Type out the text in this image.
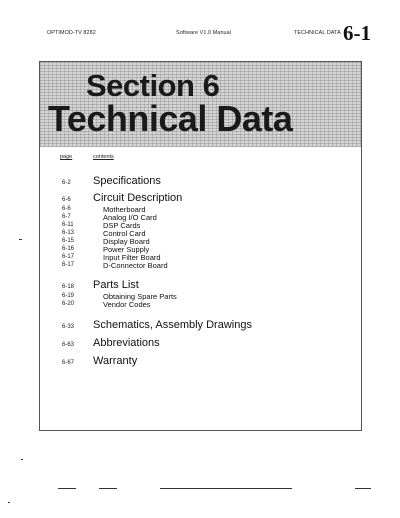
OPTIMOD-TV 8282	Software V1.0 Manual	TECHNICAL DATA 6-1
Section 6
Technical Data
page	contents
6-2 Specifications
6-6 Circuit Description
6-6	Motherboard
6-7	Analog I/O Card
6-11	DSP Cards
6-13	Control Card
6-15	Display Board
6-16	Power Supply
6-17	Input Filter Board
6-17	D-Connector Board
6-18 Parts List
6-19	Obtaining Spare Parts
6-20	Vendor Codes
6-33 Schematics, Assembly Drawings
6-63 Abbreviations
6-67 Warranty
